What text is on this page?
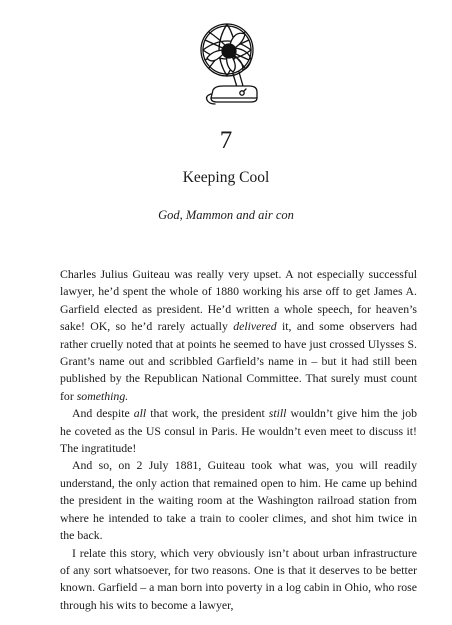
7
Keeping Cool
God, Mammon and air con

Charles Julius Guiteau was really very upset. A not especially successful lawyer, he’d spent the whole of 1880 working his arse off to get James A. Garfield elected as president. He’d written a whole speech, for heaven’s sake! OK, so he’d rarely actually delivered it, and some observers had rather cruelly noted that at points he seemed to have just crossed Ulysses S. Grant’s name out and scribbled Garfield’s name in – but it had still been published by the Republican National Committee. That surely must count for something.

And despite all that work, the president still wouldn’t give him the job he coveted as the US consul in Paris. He wouldn’t even meet to discuss it! The ingratitude!

And so, on 2 July 1881, Guiteau took what was, you will readily understand, the only action that remained open to him. He came up behind the president in the waiting room at the Washington railroad station from where he intended to take a train to cooler climes, and shot him twice in the back.

I relate this story, which very obviously isn’t about urban infrastructure of any sort whatsoever, for two reasons. One is that it deserves to be better known. Garfield – a man born into poverty in a log cabin in Ohio, who rose through his wits to become a lawyer,
